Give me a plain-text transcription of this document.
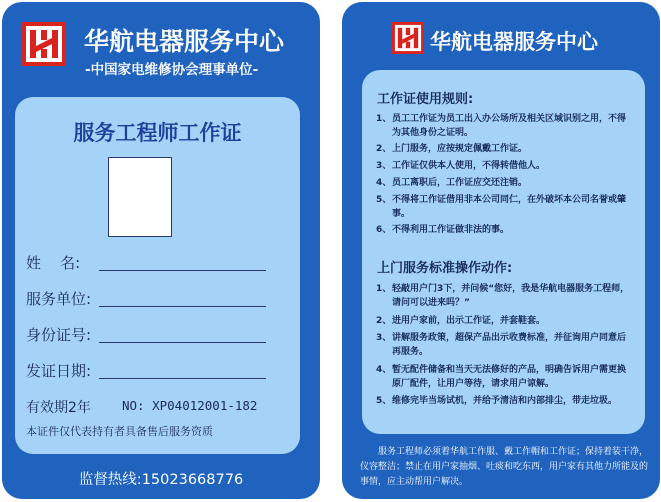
华航电器服务中心
-中国家电维修协会理事单位-
服务工程师工作证
姓    名:
服务单位:
身份证号:
发证日期:
有效期2年 NO: XP04012001-182
本证件仅代表持有者具备售后服务资质
监督热线:15023668776
华航电器服务中心
工作证使用规则:
1、 员工工作证为员工出入办公场所及相关区域识别之用，不得为其他身份之证明。
2、 上门服务，应按规定佩戴工作证。
3、 工作证仅供本人使用，不得转借他人。
4、 员工离职后，工作证应交还注销。
5、 不得将工作证借用非本公司同仁，在外破坏本公司名誉或肇事。
6、 不得利用工作证做非法的事。
上门服务标准操作动作:
1、 轻敲用户门3下，并问候“您好，我是华航电器服务工程师，请问可以进来吗？”
2、 进用户家前，出示工作证，并套鞋套。
3、 讲解服务政策，超保产品出示收费标准，并征询用户同意后再服务。
4、 暂无配件储备和当天无法修好的产品，明确告诉用户需更换原厂配件，让用户等待，请求用户谅解。
5、 维修完毕当场试机，并给予清洁和内部排尘，带走垃圾。
服务工程师必须着华航工作服、戴工作帽和工作证；保持着装干净，仪容整洁；禁止在用户家抽烟、吐痰和吃东西，用户家有其他力所能及的事情，应主动帮用户解决。
